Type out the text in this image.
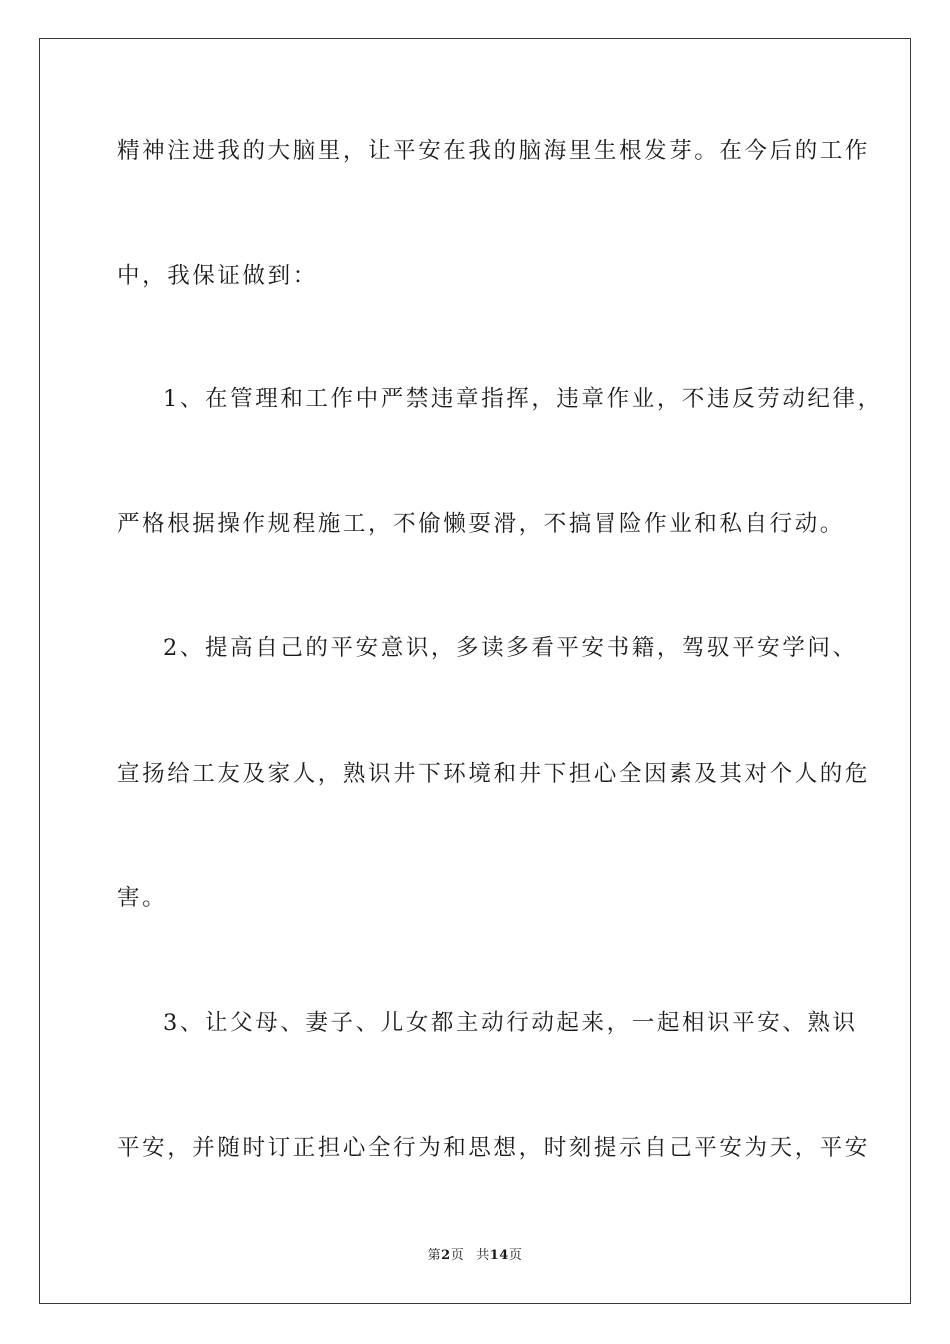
精神注进我的大脑里，让平安在我的脑海里生根发芽。在今后的工作
中，我保证做到：
1、在管理和工作中严禁违章指挥，违章作业，不违反劳动纪律，
严格根据操作规程施工，不偷懒耍滑，不搞冒险作业和私自行动。
2、提高自己的平安意识，多读多看平安书籍，驾驭平安学问、
宣扬给工友及家人，熟识井下环境和井下担心全因素及其对个人的危
害。
3、让父母、妻子、儿女都主动行动起来，一起相识平安、熟识
平安，并随时订正担心全行为和思想，时刻提示自己平安为天，平安
第2页 共14页
